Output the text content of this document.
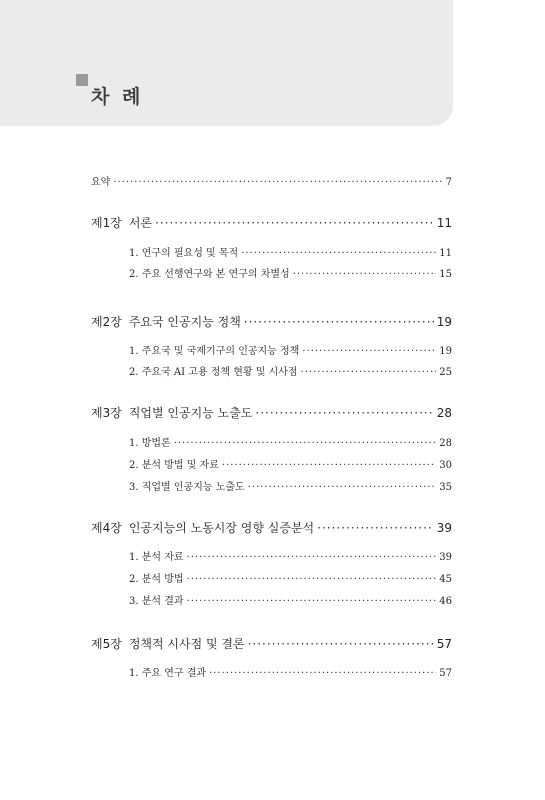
차 례
요약 ·····	7
제1장 서론 ·····	11
1. 연구의 필요성 및 목적 ·····	11
2. 주요 선행연구와 본 연구의 차별성 ·····	15
제2장 주요국 인공지능 정책 ·····	19
1. 주요국 및 국제기구의 인공지능 정책 ·····	19
2. 주요국 AI 고용 정책 현황 및 시사점 ·····	25
제3장 직업별 인공지능 노출도 ·····	28
1. 방법론 ·····	28
2. 분석 방법 및 자료 ·····	30
3. 직업별 인공지능 노출도 ·····	35
제4장 인공지능의 노동시장 영향 실증분석 ·····	39
1. 분석 자료 ·····	39
2. 분석 방법 ·····	45
3. 분석 결과 ·····	46
제5장 정책적 시사점 및 결론 ·····	57
1. 주요 연구 결과 ·····	57
